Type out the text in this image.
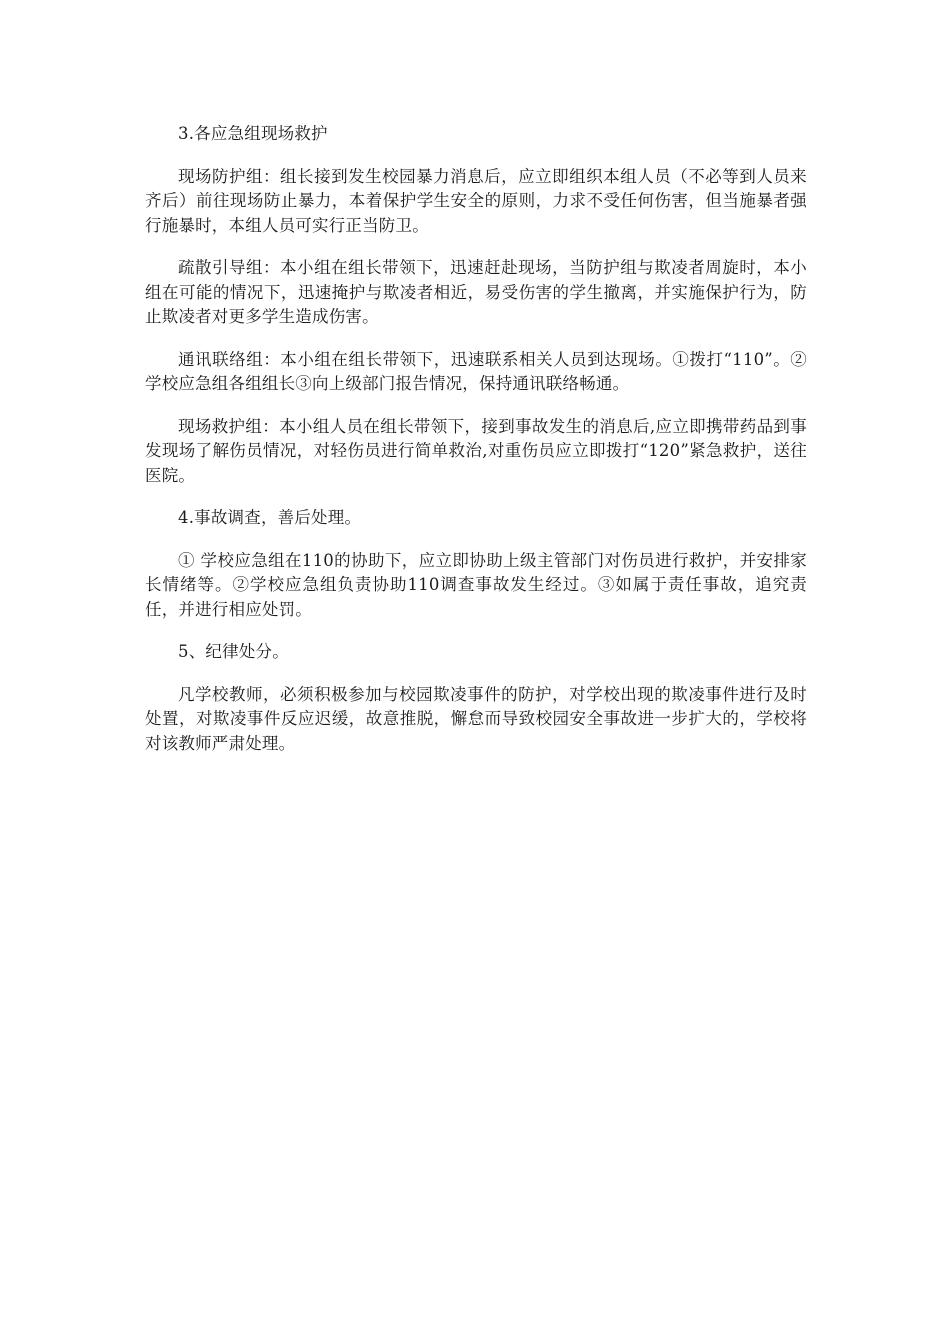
3.各应急组现场救护

现场防护组：组长接到发生校园暴力消息后，应立即组织本组人员（不必等到人员来齐后）前往现场防止暴力，本着保护学生安全的原则，力求不受任何伤害，但当施暴者强行施暴时，本组人员可实行正当防卫。

疏散引导组：本小组在组长带领下，迅速赶赴现场，当防护组与欺凌者周旋时，本小组在可能的情况下，迅速掩护与欺凌者相近，易受伤害的学生撤离，并实施保护行为，防止欺凌者对更多学生造成伤害。

通讯联络组：本小组在组长带领下，迅速联系相关人员到达现场。①拨打“110”。②学校应急组各组组长③向上级部门报告情况，保持通讯联络畅通。

现场救护组：本小组人员在组长带领下，接到事故发生的消息后,应立即携带药品到事发现场了解伤员情况，对轻伤员进行简单救治,对重伤员应立即拨打“120”紧急救护，送往医院。

4.事故调查，善后处理。

① 学校应急组在110的协助下，应立即协助上级主管部门对伤员进行救护，并安排家长情绪等。②学校应急组负责协助110调查事故发生经过。③如属于责任事故，追究责任，并进行相应处罚。

5、纪律处分。

凡学校教师，必须积极参加与校园欺凌事件的防护，对学校出现的欺凌事件进行及时处置，对欺凌事件反应迟缓，故意推脱，懈怠而导致校园安全事故进一步扩大的，学校将对该教师严肃处理。
